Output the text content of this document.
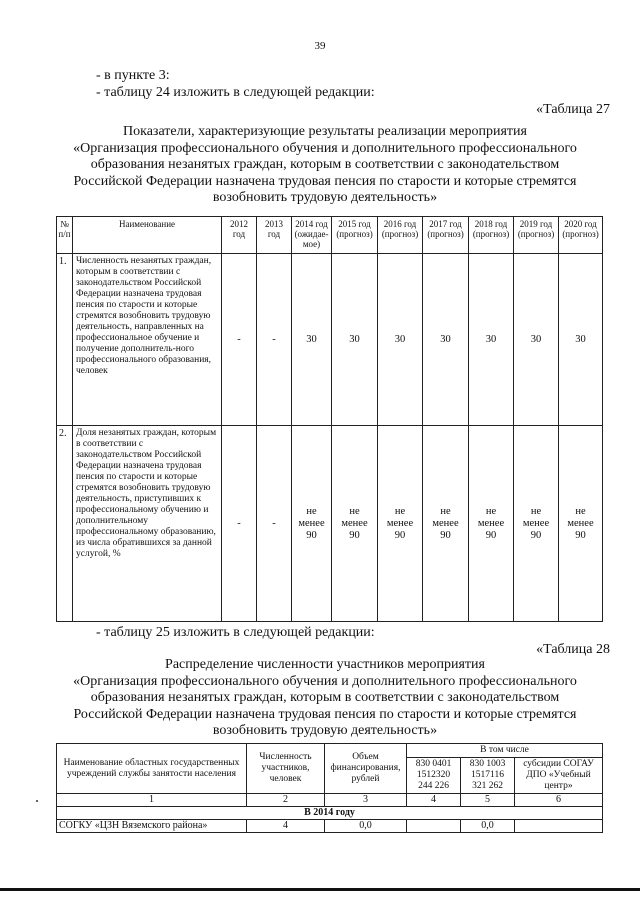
39
- в пункте 3:
- таблицу 24 изложить в следующей редакции:
«Таблица 27
Показатели, характеризующие результаты реализации мероприятия
«Организация профессионального обучения и дополнительного профессионального
образования незанятых граждан, которым в соответствии с законодательством
Российской Федерации назначена трудовая пенсия по старости и которые стремятся
возобновить трудовую деятельность»
№ п/п	Наименование	2012 год	2013 год	2014 год (ожидае-мое)	2015 год (прогноз)	2016 год (прогноз)	2017 год (прогноз)	2018 год (прогноз)	2019 год (прогноз)	2020 год (прогноз)
1.	Численность незанятых граждан, которым в соответствии с законодательством Российской Федерации назначена трудовая пенсия по старости и которые стремятся возобновить трудовую деятельность, направленных на профессиональное обучение и получение дополнитель-ного профессионального образования, человек	-	-	30	30	30	30	30	30	30
2.	Доля незанятых граждан, которым в соответствии с законодательством Российской Федерации назначена трудовая пенсия по старости и которые стремятся возобновить трудовую деятельность, приступивших к профессиональному обучению и дополнительному профессиональному образованию, из числа обратившихся за данной услугой, %	-	-	не менее 90	не менее 90	не менее 90	не менее 90	не менее 90	не менее 90	не менее 90
- таблицу 25 изложить в следующей редакции:
«Таблица 28
Распределение численности участников мероприятия
«Организация профессионального обучения и дополнительного профессионального
образования незанятых граждан, которым в соответствии с законодательством
Российской Федерации назначена трудовая пенсия по старости и которые стремятся
возобновить трудовую деятельность»
Наименование областных государственных учреждений службы занятости населения	Численность участников, человек	Объем финансирования, рублей	В том числе		
			830 0401 1512320 244 226	830 1003 1517116 321 262	субсидии СОГАУ ДПО «Учебный центр»
1	2	3	4	5	6
В 2014 году					
СОГКУ «ЦЗН Вяземского района»	4	0,0		0,0	
